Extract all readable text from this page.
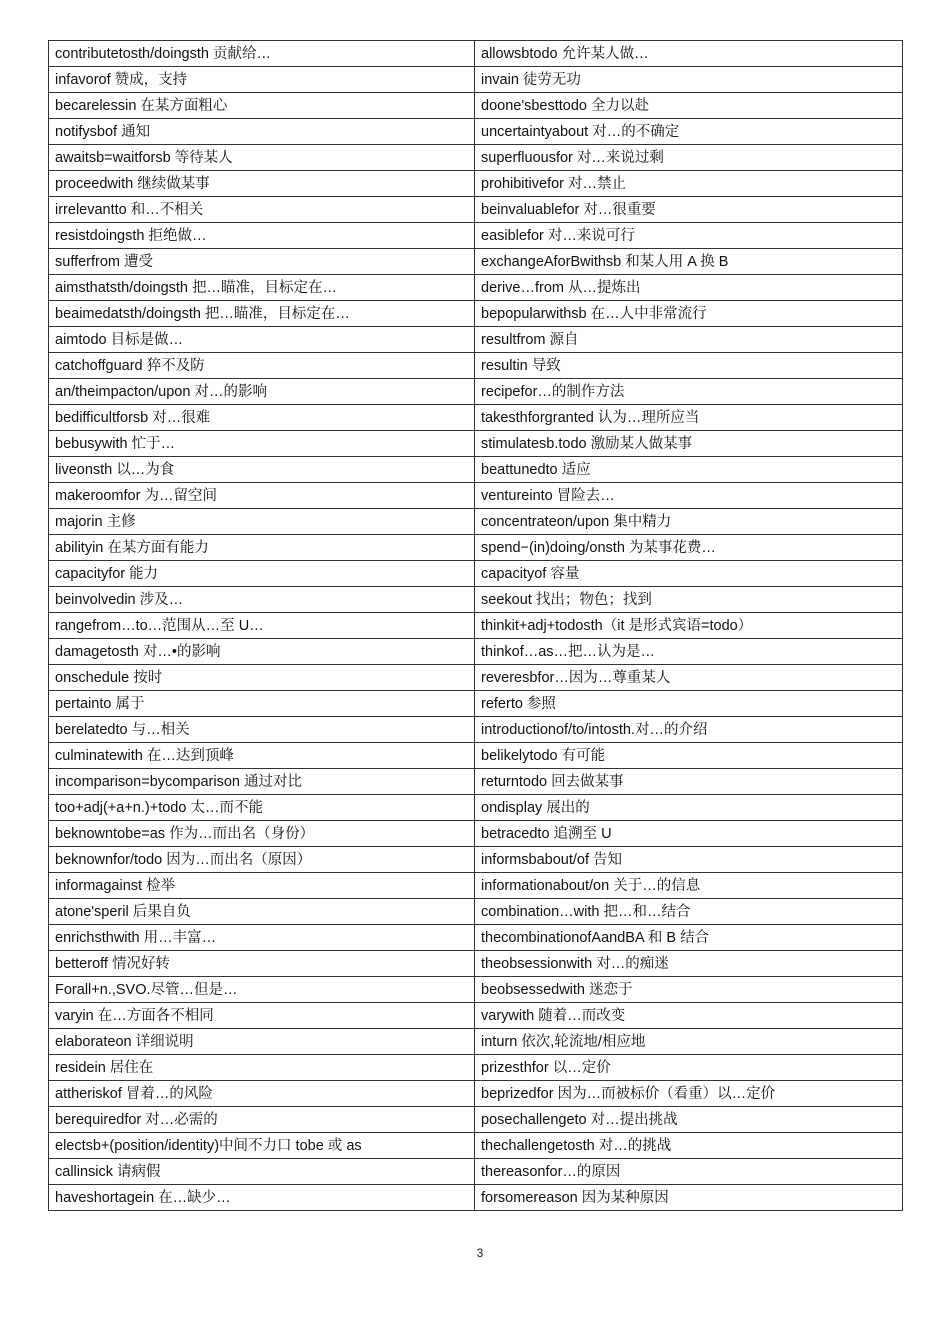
contributetosth/doingsth 贡献给…	allowsbtodo 允许某人做…
infavorof 赞成，支持	invain 徒劳无功
becarelessin 在某方面粗心	doone'sbesttodo 全力以赴
notifysbof 通知	uncertaintyabout 对…的不确定
awaitsb=waitforsb 等待某人	superfluousfor 对…来说过剩
proceedwith 继续做某事	prohibitivefor 对…禁止
irrelevantto 和…不相关	beinvaluablefor 对…很重要
resistdoingsth 拒绝做…	easiblefor 对…来说可行
sufferfrom 遭受	exchangeAforBwithsb 和某人用 A 换 B
aimsthatsth/doingsth 把…瞄准，目标定在…	derive…from 从…提炼出
beaimedatsth/doingsth 把…瞄准，目标定在…	bepopularwithsb 在…人中非常流行
aimtodo 目标是做…	resultfrom 源自
catchoffguard 猝不及防	resultin 导致
an/theimpacton/upon 对…的影响	recipefor…的制作方法
bedifficultforsb 对…很难	takesthforgranted 认为…理所应当
bebusywith 忙于…	stimulatesb.todo 激励某人做某事
liveonsth 以…为食	beattunedto 适应
makeroomfor 为…留空间	ventureinto 冒险去…
majorin 主修	concentrateon/upon 集中精力
abilityin 在某方面有能力	spend−(in)doing/onsth 为某事花费…
capacityfor 能力	capacityof 容量
beinvolvedin 涉及…	seekout 找出；物色；找到
rangefrom…to…范围从…至 U…	thinkit+adj+todosth（it 是形式宾语=todo）
damagetosth 对…•的影响	thinkof…as…把…认为是…
onschedule 按时	reveresbfor…因为…尊重某人
pertainto 属于	referto 参照
berelatedto 与…相关	introductionof/to/intosth.对…的介绍
culminatewith 在…达到顶峰	belikelytodo 有可能
incomparison=bycomparison 通过对比	returntodo 回去做某事
too+adj(+a+n.)+todo 太…而不能	ondisplay 展出的
beknowntobe=as 作为…而出名（身份）	betracedto 追溯至 U
beknownfor/todo 因为…而出名（原因）	informsbabout/of 告知
informagainst 检举	informationabout/on 关于…的信息
atone'speril 后果自负	combination…with 把…和…结合
enrichsthwith 用…丰富…	thecombinationofAandBA 和 B 结合
betteroff 情况好转	theobsessionwith 对…的痴迷
Forall+n.,SVO.尽管…但是…	beobsessedwith 迷恋于
varyin 在…方面各不相同	varywith 随着…而改变
elaborateon 详细说明	inturn 依次,轮流地/相应地
residein 居住在	prizesthfor 以…定价
attheriskof 冒着…的风险	beprizedfor 因为…而被标价（看重）以…定价
berequiredfor 对…必需的	posechallengeto 对…提出挑战
electsb+(position/identity)中间不力口 tobe 或 as	thechallengetosth 对…的挑战
callinsick 请病假	thereasonfor…的原因
haveshortagein 在…缺少…	forsomereason 因为某种原因
3
